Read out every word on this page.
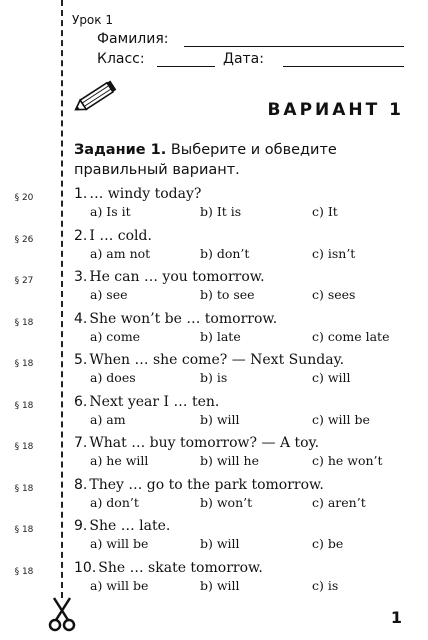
Урок 1
Фамилия:
Класс:	Дата:
ВАРИАНТ 1
Задание 1. Выберите и обведите правильный вариант.
§ 20	1. … windy today?
a) Is it	b) It is	c) It
§ 26	2. I … cold.
a) am not	b) don’t	c) isn’t
§ 27	3. He can … you tomorrow.
a) see	b) to see	c) sees
§ 18	4. She won’t be … tomorrow.
a) come	b) late	c) come late
§ 18	5. When … she come? — Next Sunday.
a) does	b) is	c) will
§ 18	6. Next year I … ten.
a) am	b) will	c) will be
§ 18	7. What … buy tomorrow? — A toy.
a) he will	b) will he	c) he won’t
§ 18	8. They … go to the park tomorrow.
a) don’t	b) won’t	c) aren’t
§ 18	9. She … late.
a) will be	b) will	c) be
§ 18	10. She … skate tomorrow.
a) will be	b) will	c) is
1
